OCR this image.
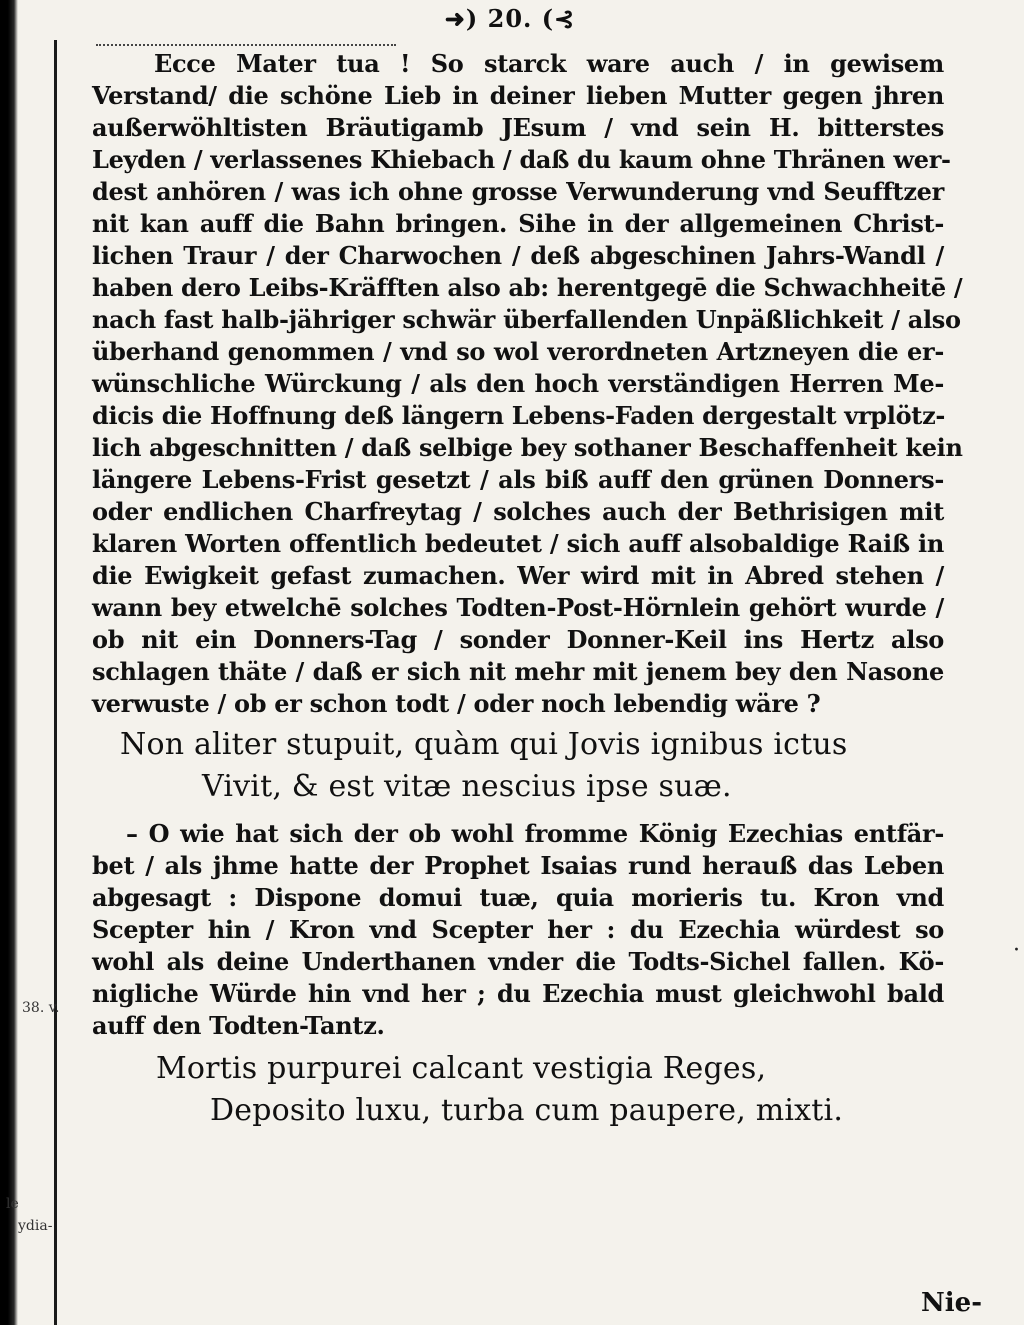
➜) 20. (⊰
Ecce Mater tua ! So starck ware auch / in gewisem
Verstand/ die schöne Lieb in deiner lieben Mutter gegen jhren
außerwöhltisten Bräutigamb JEsum / vnd sein H. bitterstes
Leyden / verlassenes Khiebach / daß du kaum ohne Thränen wer-
dest anhören / was ich ohne grosse Verwunderung vnd Seufftzer
nit kan auff die Bahn bringen. Sihe in der allgemeinen Christ-
lichen Traur / der Charwochen / deß abgeschinen Jahrs-Wandl /
haben dero Leibs-Kräfften also ab: herentgegē die Schwachheitē /
nach fast halb-jähriger schwär überfallenden Unpäßlichkeit / also
überhand genommen / vnd so wol verordneten Artzneyen die er-
wünschliche Würckung / als den hoch verständigen Herren Me-
dicis die Hoffnung deß längern Lebens-Faden dergestalt vrplötz-
lich abgeschnitten / daß selbige bey sothaner Beschaffenheit kein
längere Lebens-Frist gesetzt / als biß auff den grünen Donners-
oder endlichen Charfreytag / solches auch der Bethrisigen mit
klaren Worten offentlich bedeutet / sich auff alsobaldige Raiß in
die Ewigkeit gefast zumachen. Wer wird mit in Abred stehen /
wann bey etwelchē solches Todten-Post-Hörnlein gehört wurde /
ob nit ein Donners-Tag / sonder Donner-Keil ins Hertz also
schlagen thäte / daß er sich nit mehr mit jenem bey den Nasone
verwuste / ob er schon todt / oder noch lebendig wäre ?
Non aliter stupuit, quàm qui Jovis ignibus ictus
Vivit, & est vitæ nescius ipse suæ.
– O wie hat sich der ob wohl fromme König Ezechias entfär-
bet / als jhme hatte der Prophet Isaias rund herauß das Leben
abgesagt : Dispone domui tuæ, quia morieris tu. Kron vnd
Scepter hin / Kron vnd Scepter her : du Ezechia würdest so
wohl als deine Underthanen vnder die Todts-Sichel fallen. Kö-
nigliche Würde hin vnd her ; du Ezechia must gleichwohl bald
auff den Todten-Tantz.
Mortis purpurei calcant vestigia Reges,
Deposito luxu, turba cum paupere, mixti.
38. v.
le
ydia-
·
Nie-
